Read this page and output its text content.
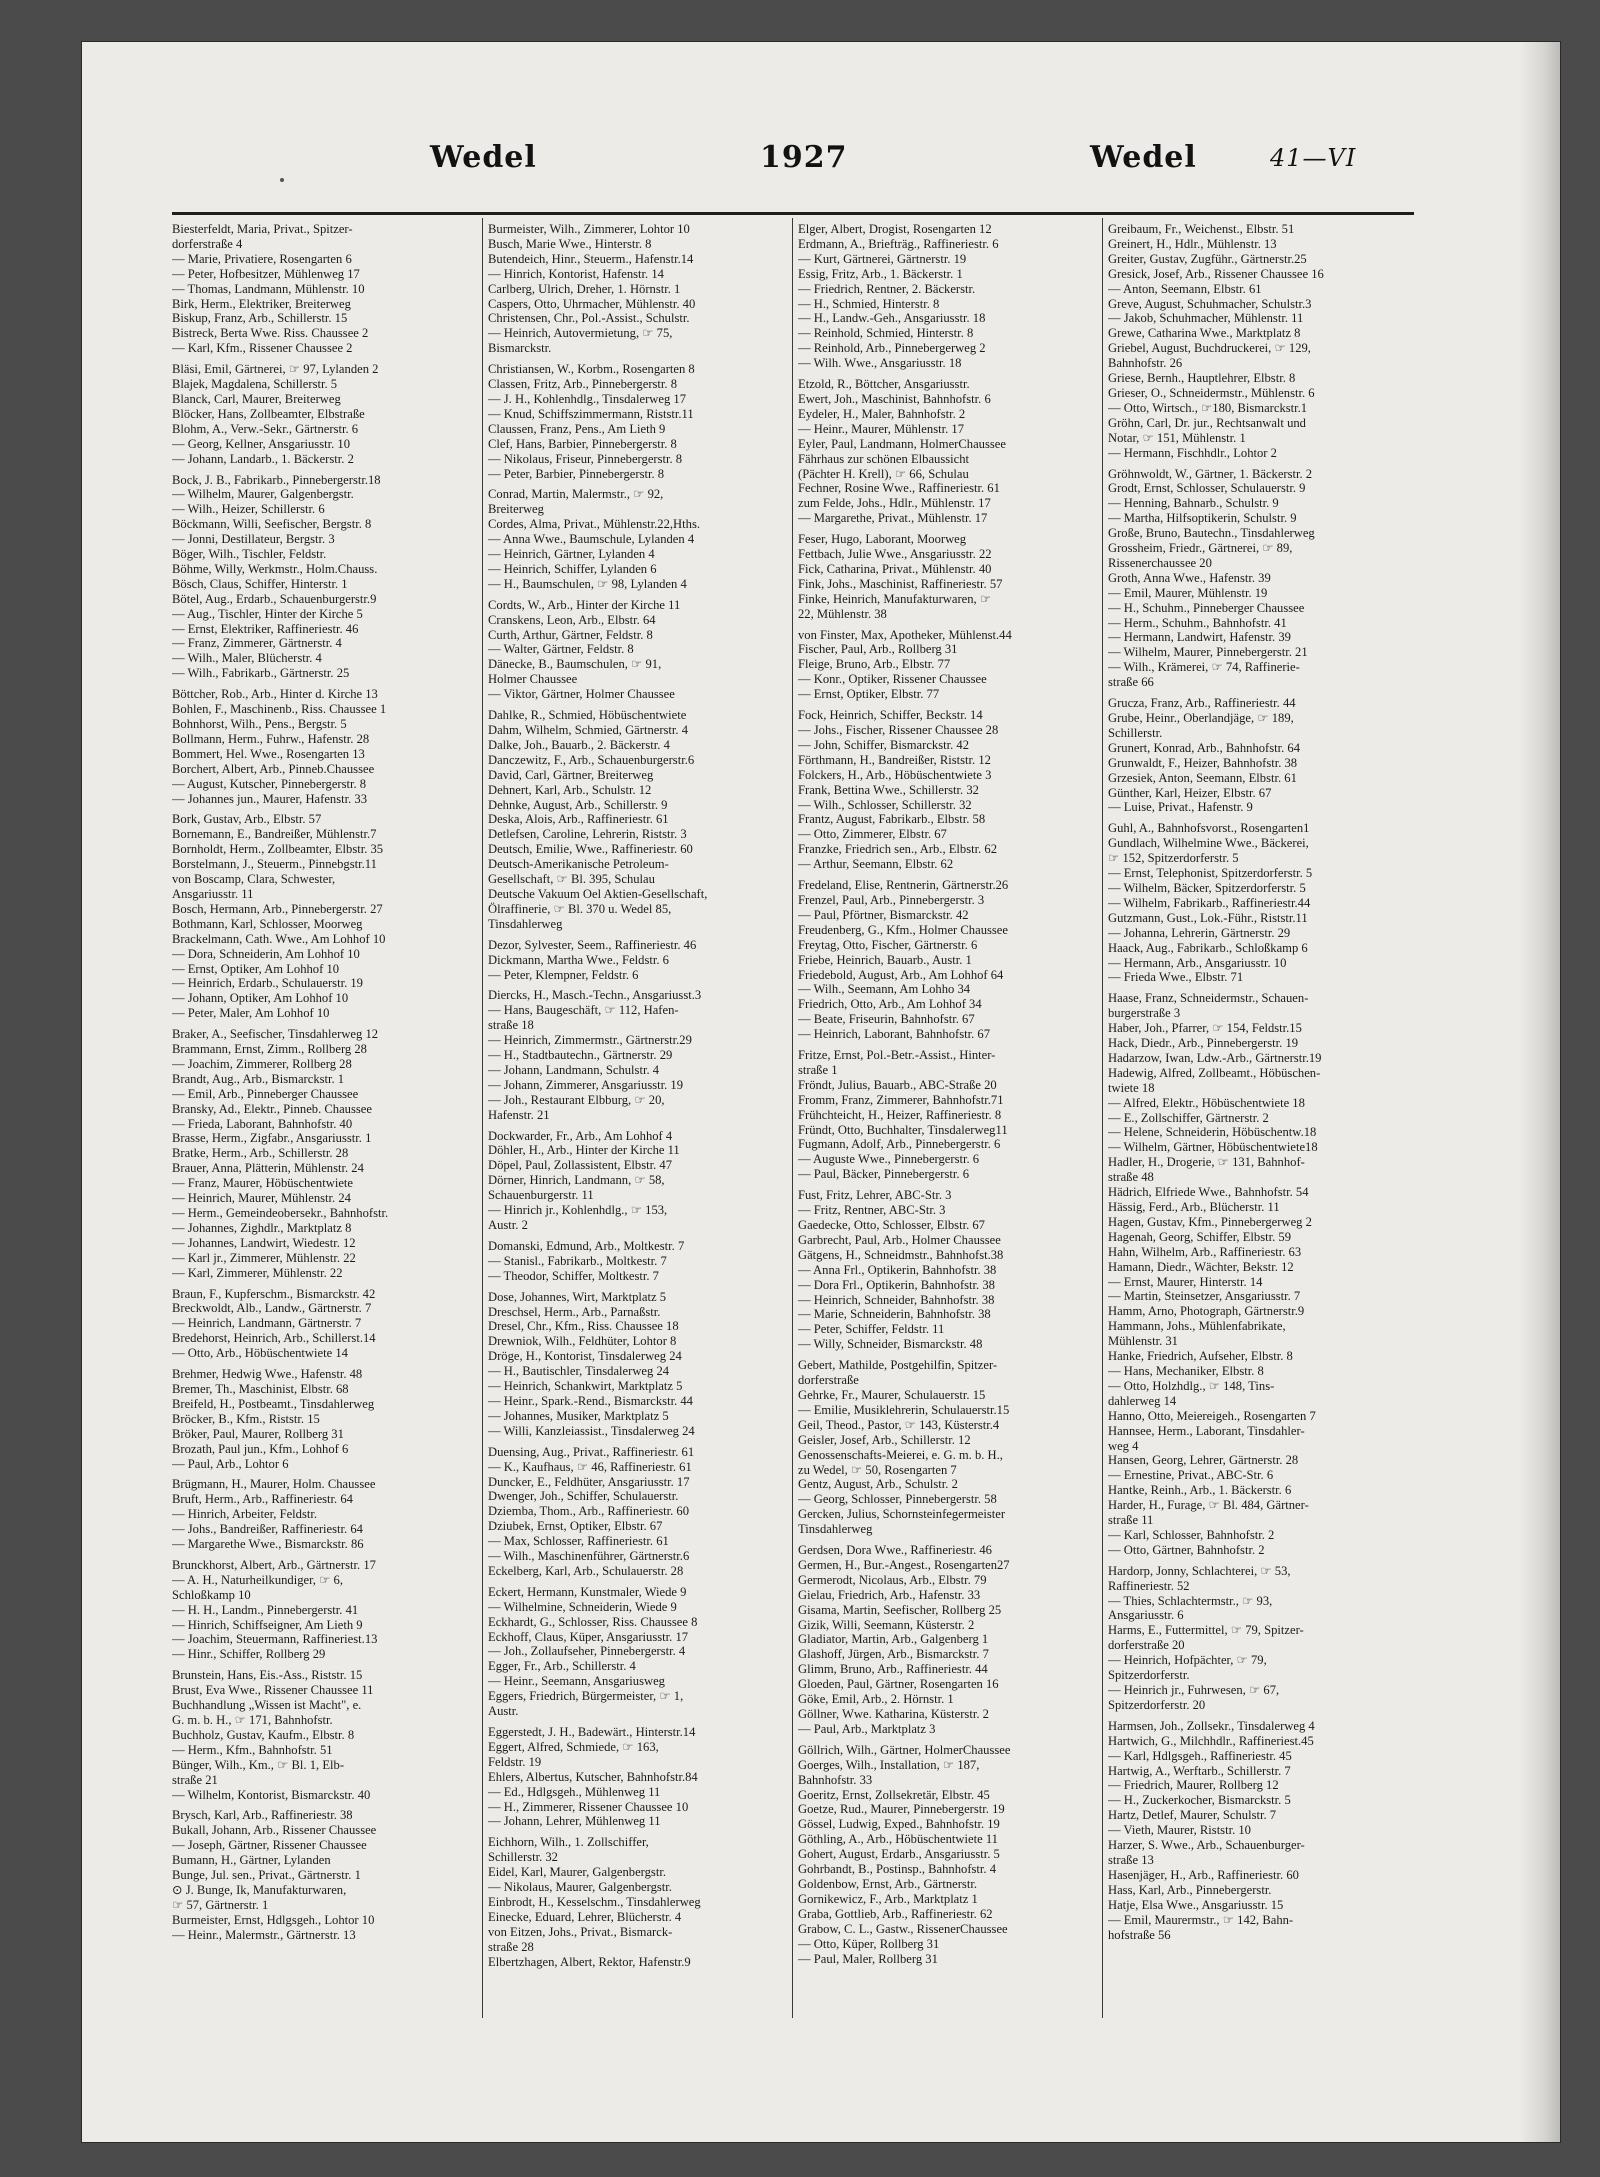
Wedel	1927	Wedel	41—VI

Biesterfeldt, Maria, Privat., Spitzer-

dorferstraße 4

— Marie, Privatiere, Rosengarten 6

— Peter, Hofbesitzer, Mühlenweg 17

— Thomas, Landmann, Mühlenstr. 10

Birk, Herm., Elektriker, Breiterweg

Biskup, Franz, Arb., Schillerstr. 15

Bistreck, Berta Wwe. Riss. Chaussee 2

— Karl, Kfm., Rissener Chaussee 2

Bläsi, Emil, Gärtnerei, ☞ 97, Lylanden 2

Blajek, Magdalena, Schillerstr. 5

Blanck, Carl, Maurer, Breiterweg

Blöcker, Hans, Zollbeamter, Elbstraße

Blohm, A., Verw.-Sekr., Gärtnerstr. 6

— Georg, Kellner, Ansgariusstr. 10

— Johann, Landarb., 1. Bäckerstr. 2

Bock, J. B., Fabrikarb., Pinnebergerstr.18

— Wilhelm, Maurer, Galgenbergstr.

— Wilh., Heizer, Schillerstr. 6

Böckmann, Willi, Seefischer, Bergstr. 8

— Jonni, Destillateur, Bergstr. 3

Böger, Wilh., Tischler, Feldstr.

Böhme, Willy, Werkmstr., Holm.Chauss.

Bösch, Claus, Schiffer, Hinterstr. 1

Bötel, Aug., Erdarb., Schauenburgerstr.9

— Aug., Tischler, Hinter der Kirche 5

— Ernst, Elektriker, Raffineriestr. 46

— Franz, Zimmerer, Gärtnerstr. 4

— Wilh., Maler, Blücherstr. 4

— Wilh., Fabrikarb., Gärtnerstr. 25

Böttcher, Rob., Arb., Hinter d. Kirche 13

Bohlen, F., Maschinenb., Riss. Chaussee 1

Bohnhorst, Wilh., Pens., Bergstr. 5

Bollmann, Herm., Fuhrw., Hafenstr. 28

Bommert, Hel. Wwe., Rosengarten 13

Borchert, Albert, Arb., Pinneb.Chaussee

— August, Kutscher, Pinnebergerstr. 8

— Johannes jun., Maurer, Hafenstr. 33

Bork, Gustav, Arb., Elbstr. 57

Bornemann, E., Bandreißer, Mühlenstr.7

Bornholdt, Herm., Zollbeamter, Elbstr. 35

Borstelmann, J., Steuerm., Pinnebgstr.11

von Boscamp, Clara, Schwester,

Ansgariusstr. 11

Bosch, Hermann, Arb., Pinnebergerstr. 27

Bothmann, Karl, Schlosser, Moorweg

Brackelmann, Cath. Wwe., Am Lohhof 10

— Dora, Schneiderin, Am Lohhof 10

— Ernst, Optiker, Am Lohhof 10

— Heinrich, Erdarb., Schulauerstr. 19

— Johann, Optiker, Am Lohhof 10

— Peter, Maler, Am Lohhof 10

Braker, A., Seefischer, Tinsdahlerweg 12

Brammann, Ernst, Zimm., Rollberg 28

— Joachim, Zimmerer, Rollberg 28

Brandt, Aug., Arb., Bismarckstr. 1

— Emil, Arb., Pinneberger Chaussee

Bransky, Ad., Elektr., Pinneb. Chaussee

— Frieda, Laborant, Bahnhofstr. 40

Brasse, Herm., Zigfabr., Ansgariusstr. 1

Bratke, Herm., Arb., Schillerstr. 28

Brauer, Anna, Plätterin, Mühlenstr. 24

— Franz, Maurer, Höbüschentwiete

— Heinrich, Maurer, Mühlenstr. 24

— Herm., Gemeindeobersekr., Bahnhofstr.

— Johannes, Zighdlr., Marktplatz 8

— Johannes, Landwirt, Wiedestr. 12

— Karl jr., Zimmerer, Mühlenstr. 22

— Karl, Zimmerer, Mühlenstr. 22

Braun, F., Kupferschm., Bismarckstr. 42

Breckwoldt, Alb., Landw., Gärtnerstr. 7

— Heinrich, Landmann, Gärtnerstr. 7

Bredehorst, Heinrich, Arb., Schillerst.14

— Otto, Arb., Höbüschentwiete 14

Brehmer, Hedwig Wwe., Hafenstr. 48

Bremer, Th., Maschinist, Elbstr. 68

Breifeld, H., Postbeamt., Tinsdahlerweg

Bröcker, B., Kfm., Riststr. 15

Bröker, Paul, Maurer, Rollberg 31

Brozath, Paul jun., Kfm., Lohhof 6

— Paul, Arb., Lohtor 6

Brügmann, H., Maurer, Holm. Chaussee

Bruft, Herm., Arb., Raffineriestr. 64

— Hinrich, Arbeiter, Feldstr.

— Johs., Bandreißer, Raffineriestr. 64

— Margarethe Wwe., Bismarckstr. 86

Brunckhorst, Albert, Arb., Gärtnerstr. 17

— A. H., Naturheilkundiger, ☞ 6,

Schloßkamp 10

— H. H., Landm., Pinnebergerstr. 41

— Hinrich, Schiffseigner, Am Lieth 9

— Joachim, Steuermann, Raffineriest.13

— Hinr., Schiffer, Rollberg 29

Brunstein, Hans, Eis.-Ass., Riststr. 15

Brust, Eva Wwe., Rissener Chaussee 11

Buchhandlung „Wissen ist Macht", e.

G. m. b. H., ☞ 171, Bahnhofstr.

Buchholz, Gustav, Kaufm., Elbstr. 8

— Herm., Kfm., Bahnhofstr. 51

Bünger, Wilh., Km., ☞ Bl. 1, Elb-

straße 21

— Wilhelm, Kontorist, Bismarckstr. 40

Brysch, Karl, Arb., Raffineriestr. 38

Bukall, Johann, Arb., Rissener Chaussee

— Joseph, Gärtner, Rissener Chaussee

Bumann, H., Gärtner, Lylanden

Bunge, Jul. sen., Privat., Gärtnerstr. 1

⊙ J. Bunge, Ik, Manufakturwaren,

☞ 57, Gärtnerstr. 1

Burmeister, Ernst, Hdlgsgeh., Lohtor 10

— Heinr., Malermstr., Gärtnerstr. 13

Burmeister, Wilh., Zimmerer, Lohtor 10

Busch, Marie Wwe., Hinterstr. 8

Butendeich, Hinr., Steuerm., Hafenstr.14

— Hinrich, Kontorist, Hafenstr. 14

Carlberg, Ulrich, Dreher, 1. Hörnstr. 1

Caspers, Otto, Uhrmacher, Mühlenstr. 40

Christensen, Chr., Pol.-Assist., Schulstr.

— Heinrich, Autovermietung, ☞ 75,

Bismarckstr.

Christiansen, W., Korbm., Rosengarten 8

Classen, Fritz, Arb., Pinnebergerstr. 8

— J. H., Kohlenhdlg., Tinsdalerweg 17

— Knud, Schiffszimmermann, Riststr.11

Claussen, Franz, Pens., Am Lieth 9

Clef, Hans, Barbier, Pinnebergerstr. 8

— Nikolaus, Friseur, Pinnebergerstr. 8

— Peter, Barbier, Pinnebergerstr. 8

Conrad, Martin, Malermstr., ☞ 92,

Breiterweg

Cordes, Alma, Privat., Mühlenstr.22,Hths.

— Anna Wwe., Baumschule, Lylanden 4

— Heinrich, Gärtner, Lylanden 4

— Heinrich, Schiffer, Lylanden 6

— H., Baumschulen, ☞ 98, Lylanden 4

Cordts, W., Arb., Hinter der Kirche 11

Cranskens, Leon, Arb., Elbstr. 64

Curth, Arthur, Gärtner, Feldstr. 8

— Walter, Gärtner, Feldstr. 8

Dänecke, B., Baumschulen, ☞ 91,

Holmer Chaussee

— Viktor, Gärtner, Holmer Chaussee

Dahlke, R., Schmied, Höbüschentwiete

Dahm, Wilhelm, Schmied, Gärtnerstr. 4

Dalke, Joh., Bauarb., 2. Bäckerstr. 4

Danczewitz, F., Arb., Schauenburgerstr.6

David, Carl, Gärtner, Breiterweg

Dehnert, Karl, Arb., Schulstr. 12

Dehnke, August, Arb., Schillerstr. 9

Deska, Alois, Arb., Raffineriestr. 61

Detlefsen, Caroline, Lehrerin, Riststr. 3

Deutsch, Emilie, Wwe., Raffineriestr. 60

Deutsch-Amerikanische Petroleum-

Gesellschaft, ☞ Bl. 395, Schulau

Deutsche Vakuum Oel Aktien-Gesellschaft,

Ölraffinerie, ☞ Bl. 370 u. Wedel 85,

Tinsdahlerweg

Dezor, Sylvester, Seem., Raffineriestr. 46

Dickmann, Martha Wwe., Feldstr. 6

— Peter, Klempner, Feldstr. 6

Diercks, H., Masch.-Techn., Ansgariusst.3

— Hans, Baugeschäft, ☞ 112, Hafen-

straße 18

— Heinrich, Zimmermstr., Gärtnerstr.29

— H., Stadtbautechn., Gärtnerstr. 29

— Johann, Landmann, Schulstr. 4

— Johann, Zimmerer, Ansgariusstr. 19

— Joh., Restaurant Elbburg, ☞ 20,

Hafenstr. 21

Dockwarder, Fr., Arb., Am Lohhof 4

Döhler, H., Arb., Hinter der Kirche 11

Döpel, Paul, Zollassistent, Elbstr. 47

Dörner, Hinrich, Landmann, ☞ 58,

Schauenburgerstr. 11

— Hinrich jr., Kohlenhdlg., ☞ 153,

Austr. 2

Domanski, Edmund, Arb., Moltkestr. 7

— Stanisl., Fabrikarb., Moltkestr. 7

— Theodor, Schiffer, Moltkestr. 7

Dose, Johannes, Wirt, Marktplatz 5

Dreschsel, Herm., Arb., Parnaßstr.

Dresel, Chr., Kfm., Riss. Chaussee 18

Drewniok, Wilh., Feldhüter, Lohtor 8

Dröge, H., Kontorist, Tinsdalerweg 24

— H., Bautischler, Tinsdalerweg 24

— Heinrich, Schankwirt, Marktplatz 5

— Heinr., Spark.-Rend., Bismarckstr. 44

— Johannes, Musiker, Marktplatz 5

— Willi, Kanzleiassist., Tinsdalerweg 24

Duensing, Aug., Privat., Raffineriestr. 61

— K., Kaufhaus, ☞ 46, Raffineriestr. 61

Duncker, E., Feldhüter, Ansgariusstr. 17

Dwenger, Joh., Schiffer, Schulauerstr.

Dziemba, Thom., Arb., Raffineriestr. 60

Dziubek, Ernst, Optiker, Elbstr. 67

— Max, Schlosser, Raffineriestr. 61

— Wilh., Maschinenführer, Gärtnerstr.6

Eckelberg, Karl, Arb., Schulauerstr. 28

Eckert, Hermann, Kunstmaler, Wiede 9

— Wilhelmine, Schneiderin, Wiede 9

Eckhardt, G., Schlosser, Riss. Chaussee 8

Eckhoff, Claus, Küper, Ansgariusstr. 17

— Joh., Zollaufseher, Pinnebergerstr. 4

Egger, Fr., Arb., Schillerstr. 4

— Heinr., Seemann, Ansgariusweg

Eggers, Friedrich, Bürgermeister, ☞ 1,

Austr.

Eggerstedt, J. H., Badewärt., Hinterstr.14

Eggert, Alfred, Schmiede, ☞ 163,

Feldstr. 19

Ehlers, Albertus, Kutscher, Bahnhofstr.84

— Ed., Hdlgsgeh., Mühlenweg 11

— H., Zimmerer, Rissener Chaussee 10

— Johann, Lehrer, Mühlenweg 11

Eichhorn, Wilh., 1. Zollschiffer,

Schillerstr. 32

Eidel, Karl, Maurer, Galgenbergstr.

— Nikolaus, Maurer, Galgenbergstr.

Einbrodt, H., Kesselschm., Tinsdahlerweg

Einecke, Eduard, Lehrer, Blücherstr. 4

von Eitzen, Johs., Privat., Bismarck-

straße 28

Elbertzhagen, Albert, Rektor, Hafenstr.9

Elger, Albert, Drogist, Rosengarten 12

Erdmann, A., Briefträg., Raffineriestr. 6

— Kurt, Gärtnerei, Gärtnerstr. 19

Essig, Fritz, Arb., 1. Bäckerstr. 1

— Friedrich, Rentner, 2. Bäckerstr.

— H., Schmied, Hinterstr. 8

— H., Landw.-Geh., Ansgariusstr. 18

— Reinhold, Schmied, Hinterstr. 8

— Reinhold, Arb., Pinnebergerweg 2

— Wilh. Wwe., Ansgariusstr. 18

Etzold, R., Böttcher, Ansgariusstr.

Ewert, Joh., Maschinist, Bahnhofstr. 6

Eydeler, H., Maler, Bahnhofstr. 2

— Heinr., Maurer, Mühlenstr. 17

Eyler, Paul, Landmann, HolmerChaussee

Fährhaus zur schönen Elbaussicht

(Pächter H. Krell), ☞ 66, Schulau

Fechner, Rosine Wwe., Raffineriestr. 61

zum Felde, Johs., Hdlr., Mühlenstr. 17

— Margarethe, Privat., Mühlenstr. 17

Feser, Hugo, Laborant, Moorweg

Fettbach, Julie Wwe., Ansgariusstr. 22

Fick, Catharina, Privat., Mühlenstr. 40

Fink, Johs., Maschinist, Raffineriestr. 57

Finke, Heinrich, Manufakturwaren, ☞

22, Mühlenstr. 38

von Finster, Max, Apotheker, Mühlenst.44

Fischer, Paul, Arb., Rollberg 31

Fleige, Bruno, Arb., Elbstr. 77

— Konr., Optiker, Rissener Chaussee

— Ernst, Optiker, Elbstr. 77

Fock, Heinrich, Schiffer, Beckstr. 14

— Johs., Fischer, Rissener Chaussee 28

— John, Schiffer, Bismarckstr. 42

Förthmann, H., Bandreißer, Riststr. 12

Folckers, H., Arb., Höbüschentwiete 3

Frank, Bettina Wwe., Schillerstr. 32

— Wilh., Schlosser, Schillerstr. 32

Frantz, August, Fabrikarb., Elbstr. 58

— Otto, Zimmerer, Elbstr. 67

Franzke, Friedrich sen., Arb., Elbstr. 62

— Arthur, Seemann, Elbstr. 62

Fredeland, Elise, Rentnerin, Gärtnerstr.26

Frenzel, Paul, Arb., Pinnebergerstr. 3

— Paul, Pförtner, Bismarckstr. 42

Freudenberg, G., Kfm., Holmer Chaussee

Freytag, Otto, Fischer, Gärtnerstr. 6

Friebe, Heinrich, Bauarb., Austr. 1

Friedebold, August, Arb., Am Lohhof 64

— Wilh., Seemann, Am Lohho 34

Friedrich, Otto, Arb., Am Lohhof 34

— Beate, Friseurin, Bahnhofstr. 67

— Heinrich, Laborant, Bahnhofstr. 67

Fritze, Ernst, Pol.-Betr.-Assist., Hinter-

straße 1

Fröndt, Julius, Bauarb., ABC-Straße 20

Fromm, Franz, Zimmerer, Bahnhofstr.71

Frühchteicht, H., Heizer, Raffineriestr. 8

Fründt, Otto, Buchhalter, Tinsdalerweg11

Fugmann, Adolf, Arb., Pinnebergerstr. 6

— Auguste Wwe., Pinnebergerstr. 6

— Paul, Bäcker, Pinnebergerstr. 6

Fust, Fritz, Lehrer, ABC-Str. 3

— Fritz, Rentner, ABC-Str. 3

Gaedecke, Otto, Schlosser, Elbstr. 67

Garbrecht, Paul, Arb., Holmer Chaussee

Gätgens, H., Schneidmstr., Bahnhofst.38

— Anna Frl., Optikerin, Bahnhofstr. 38

— Dora Frl., Optikerin, Bahnhofstr. 38

— Heinrich, Schneider, Bahnhofstr. 38

— Marie, Schneiderin, Bahnhofstr. 38

— Peter, Schiffer, Feldstr. 11

— Willy, Schneider, Bismarckstr. 48

Gebert, Mathilde, Postgehilfin, Spitzer-

dorferstraße

Gehrke, Fr., Maurer, Schulauerstr. 15

— Emilie, Musiklehrerin, Schulauerstr.15

Geil, Theod., Pastor, ☞ 143, Küsterstr.4

Geisler, Josef, Arb., Schillerstr. 12

Genossenschafts-Meierei, e. G. m. b. H.,

zu Wedel, ☞ 50, Rosengarten 7

Gentz, August, Arb., Schulstr. 2

— Georg, Schlosser, Pinnebergerstr. 58

Gercken, Julius, Schornsteinfegermeister

Tinsdahlerweg

Gerdsen, Dora Wwe., Raffineriestr. 46

Germen, H., Bur.-Angest., Rosengarten27

Germerodt, Nicolaus, Arb., Elbstr. 79

Gielau, Friedrich, Arb., Hafenstr. 33

Gisama, Martin, Seefischer, Rollberg 25

Gizik, Willi, Seemann, Küsterstr. 2

Gladiator, Martin, Arb., Galgenberg 1

Glashoff, Jürgen, Arb., Bismarckstr. 7

Glimm, Bruno, Arb., Raffineriestr. 44

Gloeden, Paul, Gärtner, Rosengarten 16

Göke, Emil, Arb., 2. Hörnstr. 1

Göllner, Wwe. Katharina, Küsterstr. 2

— Paul, Arb., Marktplatz 3

Göllrich, Wilh., Gärtner, HolmerChaussee

Goerges, Wilh., Installation, ☞ 187,

Bahnhofstr. 33

Goeritz, Ernst, Zollsekretär, Elbstr. 45

Goetze, Rud., Maurer, Pinnebergerstr. 19

Gössel, Ludwig, Exped., Bahnhofstr. 19

Göthling, A., Arb., Höbüschentwiete 11

Gohert, August, Erdarb., Ansgariusstr. 5

Gohrbandt, B., Postinsp., Bahnhofstr. 4

Goldenbow, Ernst, Arb., Gärtnerstr.

Gornikewicz, F., Arb., Marktplatz 1

Graba, Gottlieb, Arb., Raffineriestr. 62

Grabow, C. L., Gastw., RissenerChaussee

— Otto, Küper, Rollberg 31

— Paul, Maler, Rollberg 31

Greibaum, Fr., Weichenst., Elbstr. 51

Greinert, H., Hdlr., Mühlenstr. 13

Greiter, Gustav, Zugführ., Gärtnerstr.25

Gresick, Josef, Arb., Rissener Chaussee 16

— Anton, Seemann, Elbstr. 61

Greve, August, Schuhmacher, Schulstr.3

— Jakob, Schuhmacher, Mühlenstr. 11

Grewe, Catharina Wwe., Marktplatz 8

Griebel, August, Buchdruckerei, ☞ 129,

Bahnhofstr. 26

Griese, Bernh., Hauptlehrer, Elbstr. 8

Grieser, O., Schneidermstr., Mühlenstr. 6

— Otto, Wirtsch., ☞180, Bismarckstr.1

Gröhn, Carl, Dr. jur., Rechtsanwalt und

Notar, ☞ 151, Mühlenstr. 1

— Hermann, Fischhdlr., Lohtor 2

Gröhnwoldt, W., Gärtner, 1. Bäckerstr. 2

Grodt, Ernst, Schlosser, Schulauerstr. 9

— Henning, Bahnarb., Schulstr. 9

— Martha, Hilfsoptikerin, Schulstr. 9

Große, Bruno, Bautechn., Tinsdahlerweg

Grossheim, Friedr., Gärtnerei, ☞ 89,

Rissenerchaussee 20

Groth, Anna Wwe., Hafenstr. 39

— Emil, Maurer, Mühlenstr. 19

— H., Schuhm., Pinneberger Chaussee

— Herm., Schuhm., Bahnhofstr. 41

— Hermann, Landwirt, Hafenstr. 39

— Wilhelm, Maurer, Pinnebergerstr. 21

— Wilh., Krämerei, ☞ 74, Raffinerie-

straße 66

Grucza, Franz, Arb., Raffineriestr. 44

Grube, Heinr., Oberlandjäge, ☞ 189,

Schillerstr.

Grunert, Konrad, Arb., Bahnhofstr. 64

Grunwaldt, F., Heizer, Bahnhofstr. 38

Grzesiek, Anton, Seemann, Elbstr. 61

Günther, Karl, Heizer, Elbstr. 67

— Luise, Privat., Hafenstr. 9

Guhl, A., Bahnhofsvorst., Rosengarten1

Gundlach, Wilhelmine Wwe., Bäckerei,

☞ 152, Spitzerdorferstr. 5

— Ernst, Telephonist, Spitzerdorferstr. 5

— Wilhelm, Bäcker, Spitzerdorferstr. 5

— Wilhelm, Fabrikarb., Raffineriestr.44

Gutzmann, Gust., Lok.-Führ., Riststr.11

— Johanna, Lehrerin, Gärtnerstr. 29

Haack, Aug., Fabrikarb., Schloßkamp 6

— Hermann, Arb., Ansgariusstr. 10

— Frieda Wwe., Elbstr. 71

Haase, Franz, Schneidermstr., Schauen-

burgerstraße 3

Haber, Joh., Pfarrer, ☞ 154, Feldstr.15

Hack, Diedr., Arb., Pinnebergerstr. 19

Hadarzow, Iwan, Ldw.-Arb., Gärtnerstr.19

Hadewig, Alfred, Zollbeamt., Höbüschen-

twiete 18

— Alfred, Elektr., Höbüschentwiete 18

— E., Zollschiffer, Gärtnerstr. 2

— Helene, Schneiderin, Höbüschentw.18

— Wilhelm, Gärtner, Höbüschentwiete18

Hadler, H., Drogerie, ☞ 131, Bahnhof-

straße 48

Hädrich, Elfriede Wwe., Bahnhofstr. 54

Hässig, Ferd., Arb., Blücherstr. 11

Hagen, Gustav, Kfm., Pinnebergerweg 2

Hagenah, Georg, Schiffer, Elbstr. 59

Hahn, Wilhelm, Arb., Raffineriestr. 63

Hamann, Diedr., Wächter, Bekstr. 12

— Ernst, Maurer, Hinterstr. 14

— Martin, Steinsetzer, Ansgariusstr. 7

Hamm, Arno, Photograph, Gärtnerstr.9

Hammann, Johs., Mühlenfabrikate,

Mühlenstr. 31

Hanke, Friedrich, Aufseher, Elbstr. 8

— Hans, Mechaniker, Elbstr. 8

— Otto, Holzhdlg., ☞ 148, Tins-

dahlerweg 14

Hanno, Otto, Meiereigeh., Rosengarten 7

Hannsee, Herm., Laborant, Tinsdahler-

weg 4

Hansen, Georg, Lehrer, Gärtnerstr. 28

— Ernestine, Privat., ABC-Str. 6

Hantke, Reinh., Arb., 1. Bäckerstr. 6

Harder, H., Furage, ☞ Bl. 484, Gärtner-

straße 11

— Karl, Schlosser, Bahnhofstr. 2

— Otto, Gärtner, Bahnhofstr. 2

Hardorp, Jonny, Schlachterei, ☞ 53,

Raffineriestr. 52

— Thies, Schlachtermstr., ☞ 93,

Ansgariusstr. 6

Harms, E., Futtermittel, ☞ 79, Spitzer-

dorferstraße 20

— Heinrich, Hofpächter, ☞ 79,

Spitzerdorferstr.

— Heinrich jr., Fuhrwesen, ☞ 67,

Spitzerdorferstr. 20

Harmsen, Joh., Zollsekr., Tinsdalerweg 4

Hartwich, G., Milchhdlr., Raffineriest.45

— Karl, Hdlgsgeh., Raffineriestr. 45

Hartwig, A., Werftarb., Schillerstr. 7

— Friedrich, Maurer, Rollberg 12

— H., Zuckerkocher, Bismarckstr. 5

Hartz, Detlef, Maurer, Schulstr. 7

— Vieth, Maurer, Riststr. 10

Harzer, S. Wwe., Arb., Schauenburger-

straße 13

Hasenjäger, H., Arb., Raffineriestr. 60

Hass, Karl, Arb., Pinnebergerstr.

Hatje, Elsa Wwe., Ansgariusstr. 15

— Emil, Maurermstr., ☞ 142, Bahn-

hofstraße 56
